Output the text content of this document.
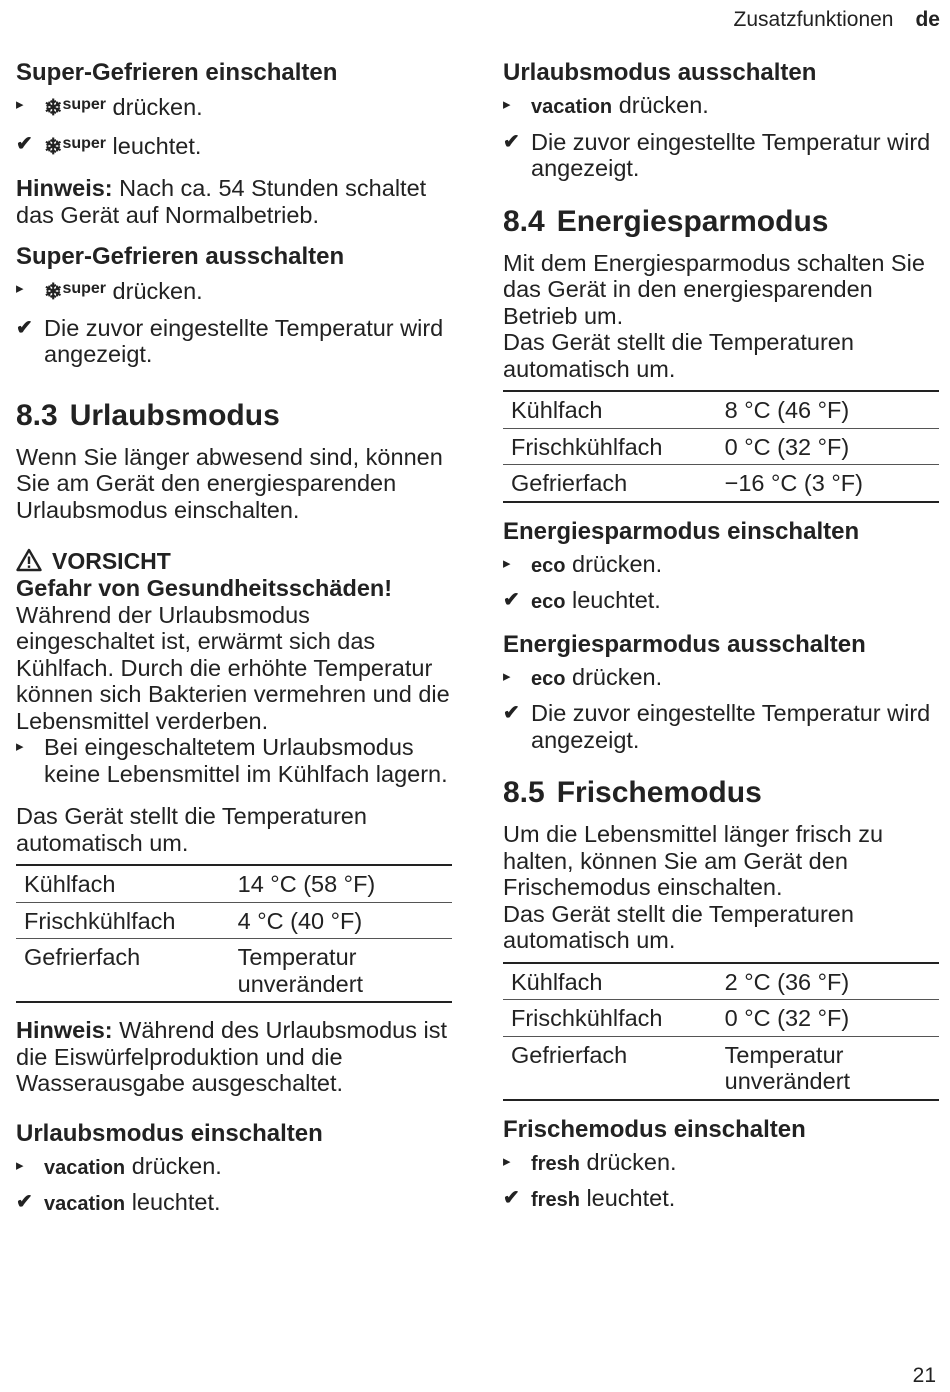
Zusatzfunktionen de
Super-Gefrieren einschalten
▸ ❄$^{super}$ drücken.
✔ ❄$^{super}$ leuchtet.

Hinweis: Nach ca. 54 Stunden schaltet das Gerät auf Normalbetrieb.

Super-Gefrieren ausschalten
▸ ❄$^{super}$ drücken.
✔ Die zuvor eingestellte Temperatur wird angezeigt.
8.3 Urlaubsmodus

Wenn Sie länger abwesend sind, können Sie am Gerät den energiesparenden Urlaubsmodus einschalten.

VORSICHT
Gefahr von Gesundheitsschäden!

Während der Urlaubsmodus eingeschaltet ist, erwärmt sich das Kühlfach. Durch die erhöhte Temperatur können sich Bakterien vermehren und die Lebensmittel verderben.

▸ Bei eingeschaltetem Urlaubsmodus keine Lebensmittel im Kühlfach lagern.

Das Gerät stellt die Temperaturen automatisch um.

Kühlfach	14 °C (58 °F)
Frischkühlfach	4 °C (40 °F)
Gefrierfach	Temperatur unverändert

Hinweis: Während des Urlaubsmodus ist die Eiswürfelproduktion und die Wasserausgabe ausgeschaltet.

Urlaubsmodus einschalten
▸ vacation drücken.
✔ vacation leuchtet.
Urlaubsmodus ausschalten
▸ vacation drücken.
✔ Die zuvor eingestellte Temperatur wird angezeigt.
8.4 Energiesparmodus

Mit dem Energiesparmodus schalten Sie das Gerät in den energiesparenden Betrieb um.

Das Gerät stellt die Temperaturen automatisch um.

Kühlfach	8 °C (46 °F)
Frischkühlfach	0 °C (32 °F)
Gefrierfach	−16 °C (3 °F)
Energiesparmodus einschalten
▸ eco drücken.
✔ eco leuchtet.
Energiesparmodus ausschalten
▸ eco drücken.
✔ Die zuvor eingestellte Temperatur wird angezeigt.
8.5 Frischemodus

Um die Lebensmittel länger frisch zu halten, können Sie am Gerät den Frischemodus einschalten.

Das Gerät stellt die Temperaturen automatisch um.

Kühlfach	2 °C (36 °F)
Frischkühlfach	0 °C (32 °F)
Gefrierfach	Temperatur unverändert
Frischemodus einschalten
▸ fresh drücken.
✔ fresh leuchtet.
21
